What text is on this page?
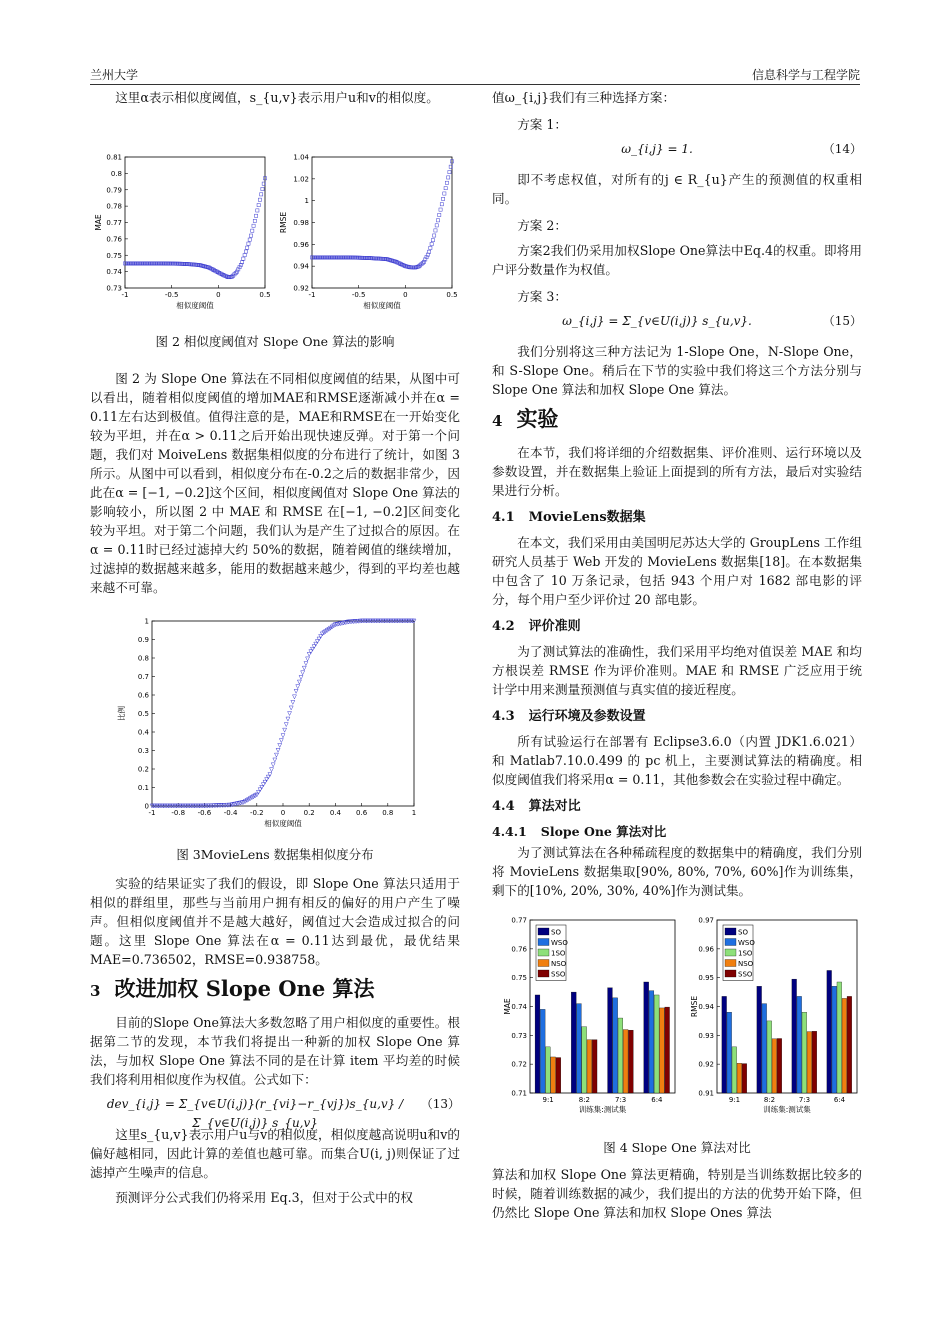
兰州大学	信息科学与工程学院

这里α表示相似度阈值，s_{u,v}表示用户u和v的相似度。

-1	-0.5	0	0.5
0.73
0.74
0.75
0.76
0.77
0.78
0.79
0.8
0.81
相似度阈值
MAE
-1	-0.5	0	0.5
0.92
0.94
0.96
0.98
1
1.02
1.04
相似度阈值
RMSE
图 2 相似度阈值对 Slope One 算法的影响

图 2 为 Slope One 算法在不同相似度阈值的结果，从图中可以看出，随着相似度阈值的增加MAE和RMSE逐渐减小并在α = 0.11左右达到极值。值得注意的是，MAE和RMSE在一开始变化较为平坦，并在α > 0.11之后开始出现快速反弹。对于第一个问题，我们对 MoiveLens 数据集相似度的分布进行了统计，如图 3 所示。从图中可以看到，相似度分布在-0.2之后的数据非常少，因此在α = [−1, −0.2]这个区间，相似度阈值对 Slope One 算法的影响较小，所以图 2 中 MAE 和 RMSE 在[−1, −0.2]区间变化较为平坦。对于第二个问题，我们认为是产生了过拟合的原因。在α = 0.11时已经过滤掉大约 50%的数据，随着阈值的继续增加，过滤掉的数据越来越多，能用的数据越来越少，得到的平均差也越来越不可靠。

-1 -0.8 -0.6 -0.4 -0.2 0	0.2 0.4 0.6 0.8	1
0
0.1
0.2
0.3
0.4
0.5
0.6
0.7
0.8
0.9
1
相似度阈值
比例
图 3MovieLens 数据集相似度分布

实验的结果证实了我们的假设，即 Slope One 算法只适用于相似的群组里，那些与当前用户拥有相反的偏好的用户产生了噪声。但相似度阈值并不是越大越好，阈值过大会造成过拟合的问题。这里 Slope One 算法在α = 0.11达到最优，最优结果 MAE=0.736502，RMSE=0.938758。

3 改进加权 Slope One 算法

目前的Slope One算法大多数忽略了用户相似度的重要性。根据第二节的发现，本节我们将提出一种新的加权 Slope One 算法，与加权 Slope One 算法不同的是在计算 item 平均差的时候我们将利用相似度作为权值。公式如下：

dev_{i,j} = Σ_{v∈U(i,j)}(r_{vi}−r_{vj})s_{u,v} / Σ_{v∈U(i,j)} s_{u,v}
（13）

这里s_{u,v}表示用户u与v的相似度，相似度越高说明u和v的偏好越相同，因此计算的差值也越可靠。而集合U(i, j)则保证了过滤掉产生噪声的信息。

预测评分公式我们仍将采用 Eq.3，但对于公式中的权

值ω_{i,j}我们有三种选择方案：

方案 1：

ω_{i,j} = 1.	（14）

即不考虑权值，对所有的j ∈ R_{u}产生的预测值的权重相同。

方案 2：

方案2我们仍采用加权Slope One算法中Eq.4的权重。即将用户评分数量作为权值。

方案 3：

ω_{i,j} = Σ_{v∈U(i,j)} s_{u,v}.	（15）

我们分别将这三种方法记为 1-Slope One，N-Slope One，和 S-Slope One。稍后在下节的实验中我们将这三个方法分别与 Slope One 算法和加权 Slope One 算法。

4 实验

在本节，我们将详细的介绍数据集、评价准则、运行环境以及参数设置，并在数据集上验证上面提到的所有方法，最后对实验结果进行分析。

4.1 MovieLens数据集

在本文，我们采用由美国明尼苏达大学的 GroupLens 工作组研究人员基于 Web 开发的 MovieLens 数据集[18]。在本数据集中包含了 10 万条记录，包括 943 个用户对 1682 部电影的评分，每个用户至少评价过 20 部电影。

4.2 评价准则

为了测试算法的准确性，我们采用平均绝对值误差 MAE 和均方根误差 RMSE 作为评价准则。MAE 和 RMSE 广泛应用于统计学中用来测量预测值与真实值的接近程度。

4.3 运行环境及参数设置

所有试验运行在部署有 Eclipse3.6.0（内置 JDK1.6.021）和 Matlab7.10.0.499 的 pc 机上，主要测试算法的精确度。相似度阈值我们将采用α = 0.11，其他参数会在实验过程中确定。

4.4 算法对比
4.4.1 Slope One 算法对比

为了测试算法在各种稀疏程度的数据集中的精确度，我们分别将 MovieLens 数据集取[90%, 80%, 70%, 60%]作为训练集，剩下的[10%, 20%, 30%, 40%]作为测试集。

0.71
0.72
0.73
0.74
0.75
0.76
0.77
9:1	8:2	7:3	6:4
训练集:测试集
MAE
SO
WSO
1SO
NSO
SSO
0.91
0.92
0.93
0.94
0.95
0.96
0.97
9:1	8:2	7:3	6:4
训练集:测试集
RMSE
SO
WSO
1SO
NSO
SSO
图 4 Slope One 算法对比

算法和加权 Slope One 算法更精确，特别是当训练数据比较多的时候，随着训练数据的减少，我们提出的方法的优势开始下降，但仍然比 Slope One 算法和加权 Slope Ones 算法
